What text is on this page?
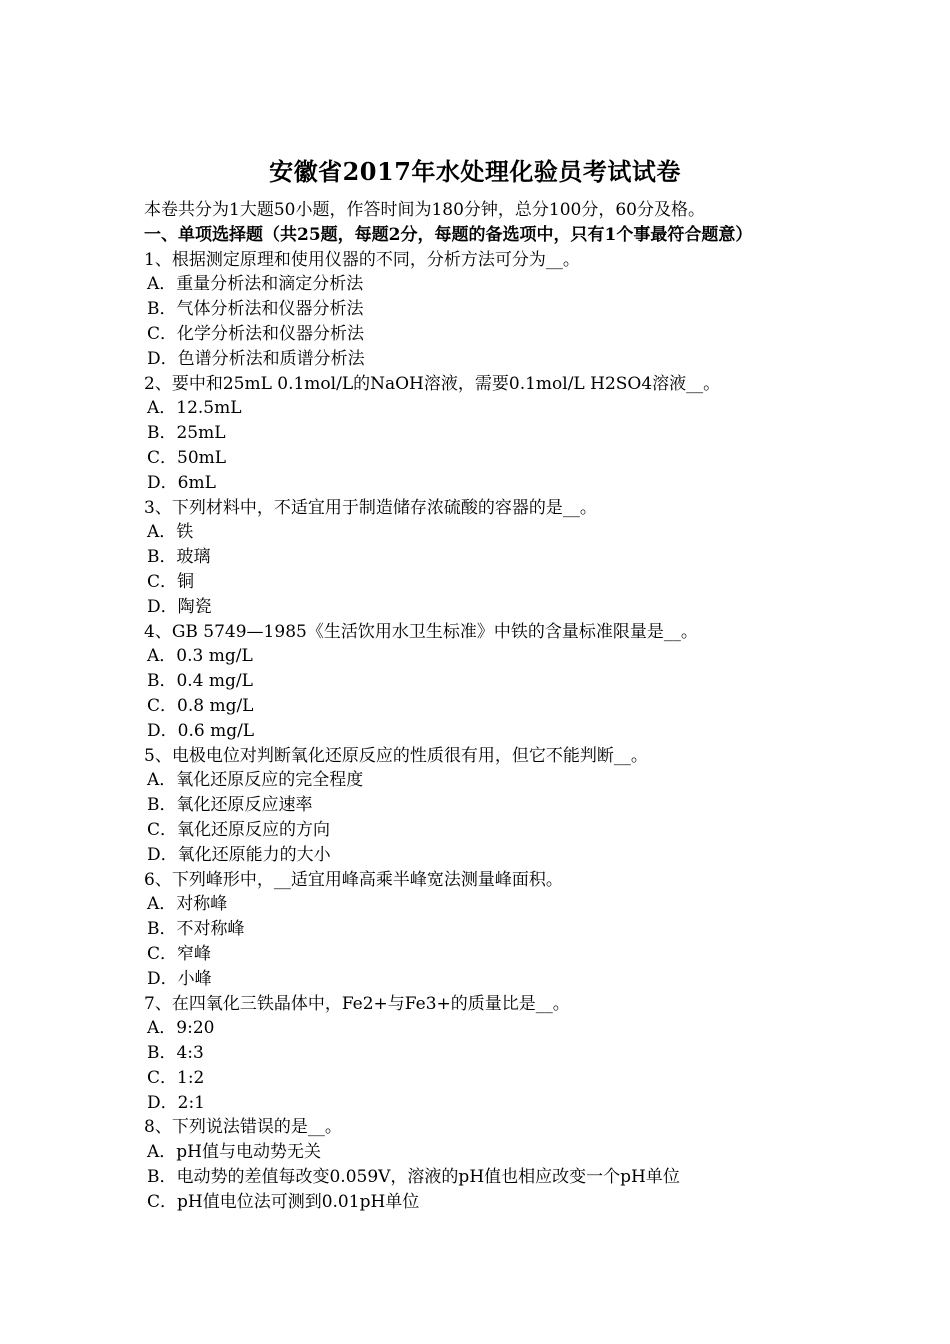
安徽省2017年水处理化验员考试试卷
本卷共分为1大题50小题，作答时间为180分钟，总分100分，60分及格。
一、单项选择题（共25题，每题2分，每题的备选项中，只有1个事最符合题意）
1、根据测定原理和使用仪器的不同，分析方法可分为__。
A．重量分析法和滴定分析法
B．气体分析法和仪器分析法
C．化学分析法和仪器分析法
D．色谱分析法和质谱分析法
2、要中和25mL 0.1mol/L的NaOH溶液，需要0.1mol/L H2SO4溶液__。
A．12.5mL
B．25mL
C．50mL
D．6mL
3、下列材料中，不适宜用于制造储存浓硫酸的容器的是__。
A．铁
B．玻璃
C．铜
D．陶瓷
4、GB 5749—1985《生活饮用水卫生标准》中铁的含量标准限量是__。
A．0.3 mg/L
B．0.4 mg/L
C．0.8 mg/L
D．0.6 mg/L
5、电极电位对判断氧化还原反应的性质很有用，但它不能判断__。
A．氧化还原反应的完全程度
B．氧化还原反应速率
C．氧化还原反应的方向
D．氧化还原能力的大小
6、下列峰形中，__适宜用峰高乘半峰宽法测量峰面积。
A．对称峰
B．不对称峰
C．窄峰
D．小峰
7、在四氧化三铁晶体中，Fe2+与Fe3+的质量比是__。
A．9:20
B．4:3
C．1:2
D．2:1
8、下列说法错误的是__。
A．pH值与电动势无关
B．电动势的差值每改变0.059V，溶液的pH值也相应改变一个pH单位
C．pH值电位法可测到0.01pH单位
